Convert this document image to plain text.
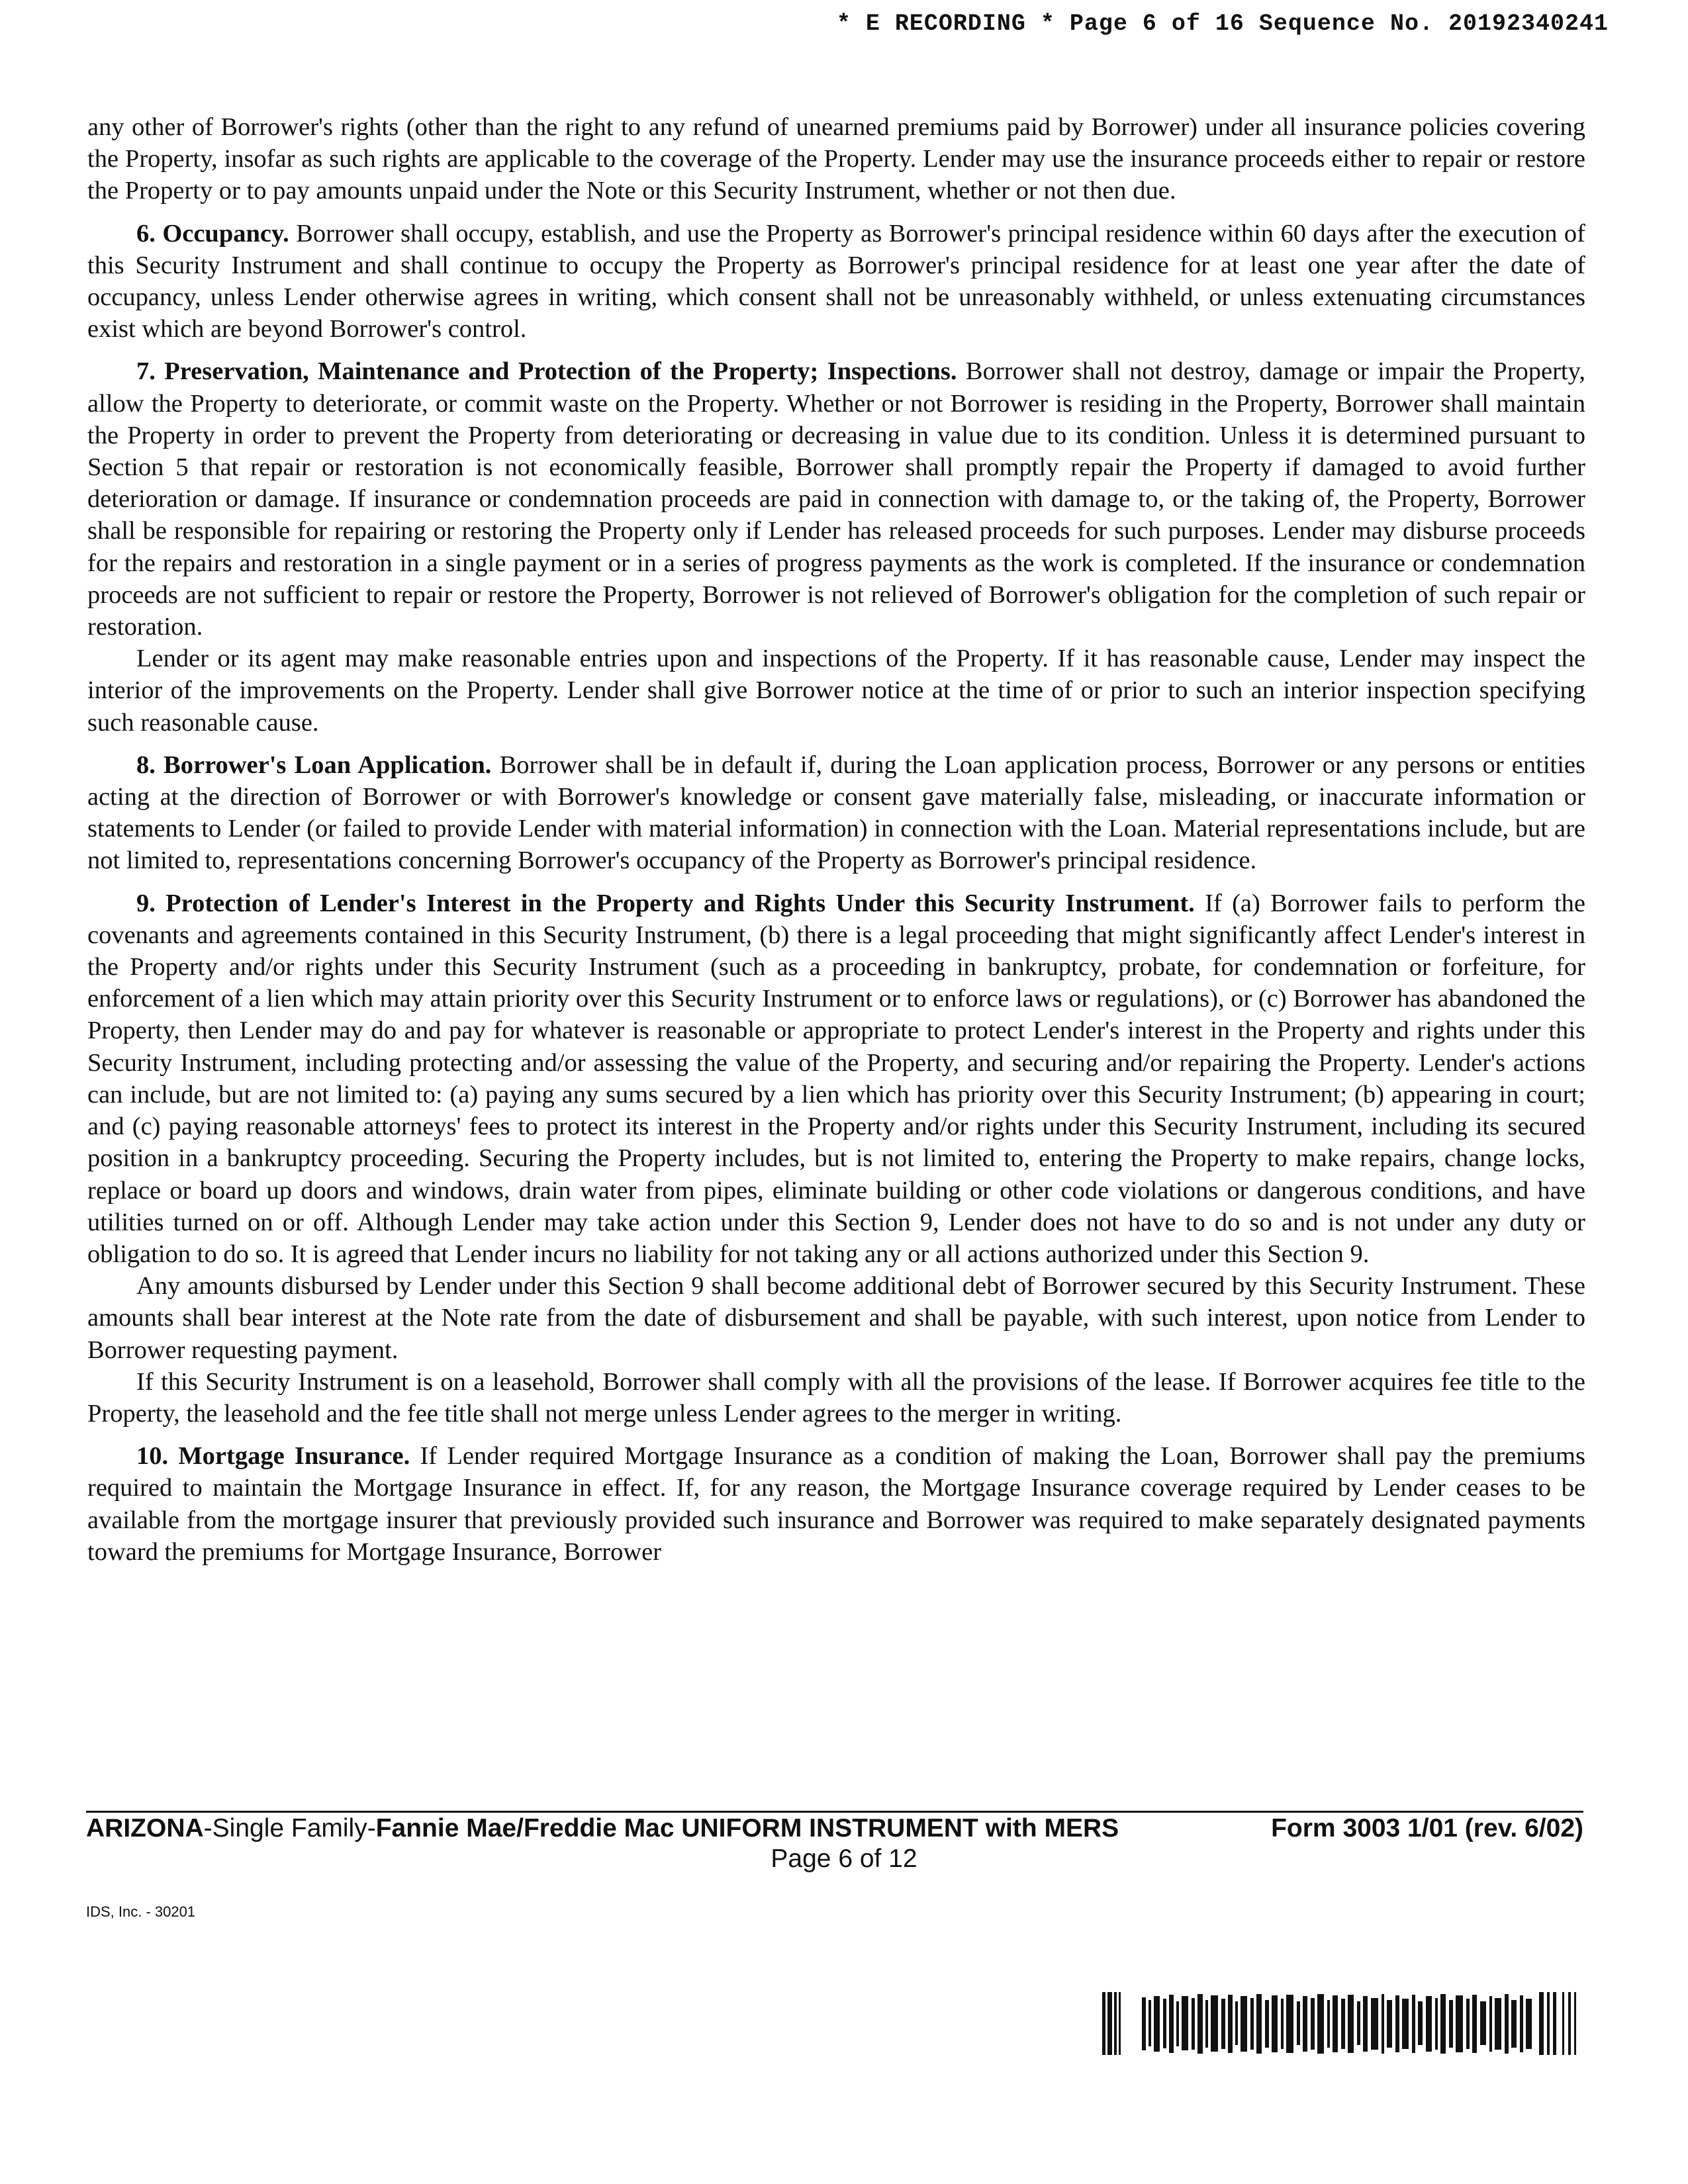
* E RECORDING * Page 6 of 16 Sequence No. 20192340241

any other of Borrower's rights (other than the right to any refund of unearned premiums paid by Borrower) under all insurance policies covering the Property, insofar as such rights are applicable to the coverage of the Property. Lender may use the insurance proceeds either to repair or restore the Property or to pay amounts unpaid under the Note or this Security Instrument, whether or not then due.

6. Occupancy. Borrower shall occupy, establish, and use the Property as Borrower's principal residence within 60 days after the execution of this Security Instrument and shall continue to occupy the Property as Borrower's principal residence for at least one year after the date of occupancy, unless Lender otherwise agrees in writing, which consent shall not be unreasonably withheld, or unless extenuating circumstances exist which are beyond Borrower's control.

7. Preservation, Maintenance and Protection of the Property; Inspections. Borrower shall not destroy, damage or impair the Property, allow the Property to deteriorate, or commit waste on the Property. Whether or not Borrower is residing in the Property, Borrower shall maintain the Property in order to prevent the Property from deteriorating or decreasing in value due to its condition. Unless it is determined pursuant to Section 5 that repair or restoration is not economically feasible, Borrower shall promptly repair the Property if damaged to avoid further deterioration or damage. If insurance or condemnation proceeds are paid in connection with damage to, or the taking of, the Property, Borrower shall be responsible for repairing or restoring the Property only if Lender has released proceeds for such purposes. Lender may disburse proceeds for the repairs and restoration in a single payment or in a series of progress payments as the work is completed. If the insurance or condemnation proceeds are not sufficient to repair or restore the Property, Borrower is not relieved of Borrower's obligation for the completion of such repair or restoration.

Lender or its agent may make reasonable entries upon and inspections of the Property. If it has reasonable cause, Lender may inspect the interior of the improvements on the Property. Lender shall give Borrower notice at the time of or prior to such an interior inspection specifying such reasonable cause.

8. Borrower's Loan Application. Borrower shall be in default if, during the Loan application process, Borrower or any persons or entities acting at the direction of Borrower or with Borrower's knowledge or consent gave materially false, misleading, or inaccurate information or statements to Lender (or failed to provide Lender with material information) in connection with the Loan. Material representations include, but are not limited to, representations concerning Borrower's occupancy of the Property as Borrower's principal residence.

9. Protection of Lender's Interest in the Property and Rights Under this Security Instrument. If (a) Borrower fails to perform the covenants and agreements contained in this Security Instrument, (b) there is a legal proceeding that might significantly affect Lender's interest in the Property and/or rights under this Security Instrument (such as a proceeding in bankruptcy, probate, for condemnation or forfeiture, for enforcement of a lien which may attain priority over this Security Instrument or to enforce laws or regulations), or (c) Borrower has abandoned the Property, then Lender may do and pay for whatever is reasonable or appropriate to protect Lender's interest in the Property and rights under this Security Instrument, including protecting and/or assessing the value of the Property, and securing and/or repairing the Property. Lender's actions can include, but are not limited to: (a) paying any sums secured by a lien which has priority over this Security Instrument; (b) appearing in court; and (c) paying reasonable attorneys' fees to protect its interest in the Property and/or rights under this Security Instrument, including its secured position in a bankruptcy proceeding. Securing the Property includes, but is not limited to, entering the Property to make repairs, change locks, replace or board up doors and windows, drain water from pipes, eliminate building or other code violations or dangerous conditions, and have utilities turned on or off. Although Lender may take action under this Section 9, Lender does not have to do so and is not under any duty or obligation to do so. It is agreed that Lender incurs no liability for not taking any or all actions authorized under this Section 9.

Any amounts disbursed by Lender under this Section 9 shall become additional debt of Borrower secured by this Security Instrument. These amounts shall bear interest at the Note rate from the date of disbursement and shall be payable, with such interest, upon notice from Lender to Borrower requesting payment.

If this Security Instrument is on a leasehold, Borrower shall comply with all the provisions of the lease. If Borrower acquires fee title to the Property, the leasehold and the fee title shall not merge unless Lender agrees to the merger in writing.

10. Mortgage Insurance. If Lender required Mortgage Insurance as a condition of making the Loan, Borrower shall pay the premiums required to maintain the Mortgage Insurance in effect. If, for any reason, the Mortgage Insurance coverage required by Lender ceases to be available from the mortgage insurer that previously provided such insurance and Borrower was required to make separately designated payments toward the premiums for Mortgage Insurance, Borrower

ARIZONA-Single Family-Fannie Mae/Freddie Mac UNIFORM INSTRUMENT with MERS	Form 3003 1/01 (rev. 6/02)
Page 6 of 12
IDS, Inc. - 30201
